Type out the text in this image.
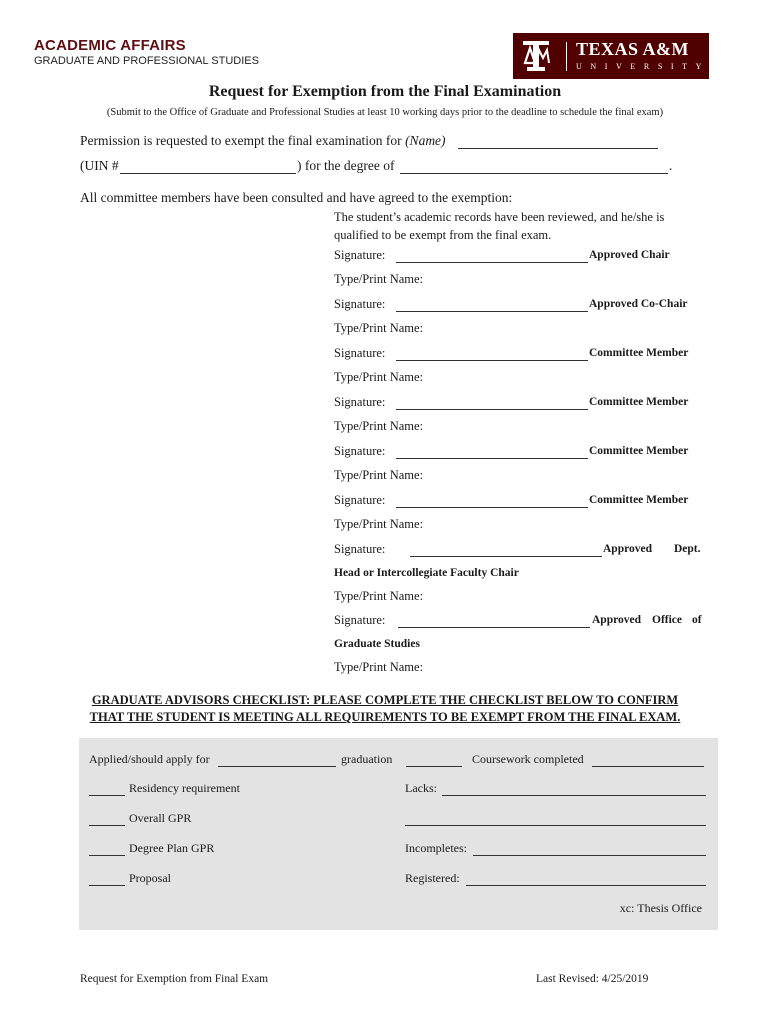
ACADEMIC AFFAIRS
GRADUATE AND PROFESSIONAL STUDIES
TEXAS A&M
UNIVERSITY
Request for Exemption from the Final Examination
(Submit to the Office of Graduate and Professional Studies at least 10 working days prior to the deadline to schedule the final exam)
Permission is requested to exempt the final examination for (Name)
(UIN #	) for the degree of	.
All committee members have been consulted and have agreed to the exemption:
The student’s academic records have been reviewed, and he/she is
qualified to be exempt from the final exam.
Signature:	Approved Chair
Type/Print Name:
Signature:	Approved Co-Chair
Type/Print Name:
Signature:	Committee Member
Type/Print Name:
Signature:	Committee Member
Type/Print Name:
Signature:	Committee Member
Type/Print Name:
Signature:	Committee Member
Type/Print Name:
Signature:	Approved Dept.
Head or Intercollegiate Faculty Chair
Type/Print Name:
Signature:	Approved Office of
Graduate Studies
Type/Print Name:
GRADUATE ADVISORS CHECKLIST: PLEASE COMPLETE THE CHECKLIST BELOW TO CONFIRM
THAT THE STUDENT IS MEETING ALL REQUIREMENTS TO BE EXEMPT FROM THE FINAL EXAM.
Applied/should apply for	graduation	Coursework completed
Residency requirement	Lacks:
Overall GPR
Degree Plan GPR	Incompletes:
Proposal	Registered:
xc: Thesis Office
Request for Exemption from Final Exam	Last Revised: 4/25/2019
